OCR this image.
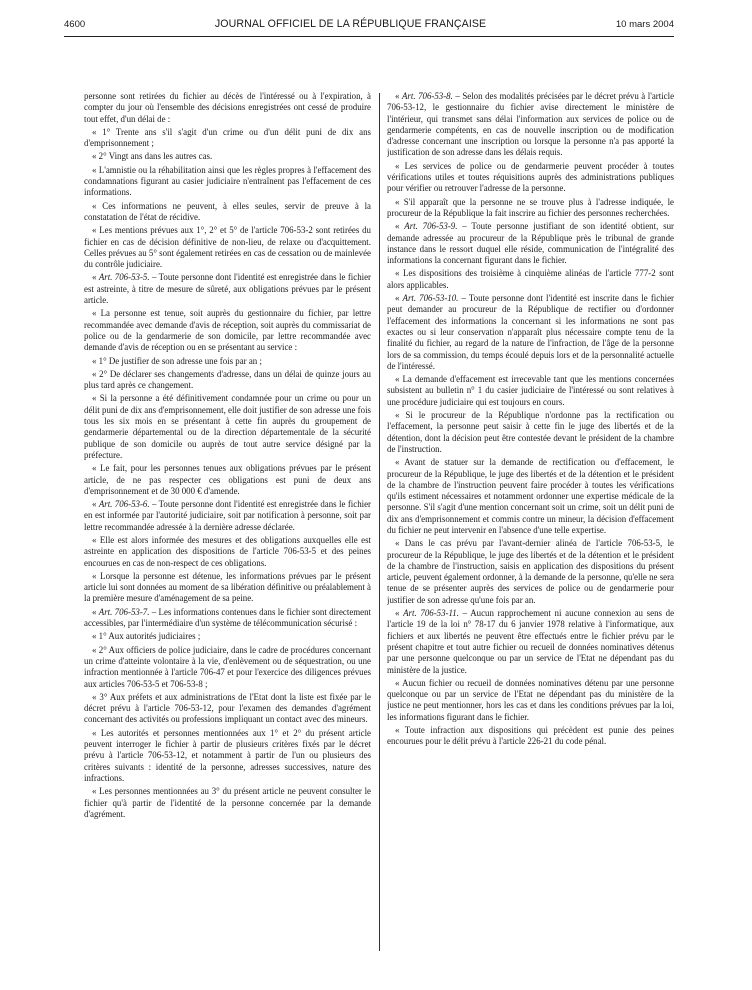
4600	JOURNAL OFFICIEL DE LA RÉPUBLIQUE FRANÇAISE	10 mars 2004

personne sont retirées du fichier au décès de l'intéressé ou à l'expiration, à compter du jour où l'ensemble des décisions enregistrées ont cessé de produire tout effet, d'un délai de :

« 1° Trente ans s'il s'agit d'un crime ou d'un délit puni de dix ans d'emprisonnement ;

« 2° Vingt ans dans les autres cas.

« L'amnistie ou la réhabilitation ainsi que les règles propres à l'effacement des condamnations figurant au casier judiciaire n'entraînent pas l'effacement de ces informations.

« Ces informations ne peuvent, à elles seules, servir de preuve à la constatation de l'état de récidive.

« Les mentions prévues aux 1°, 2° et 5° de l'article 706-53-2 sont retirées du fichier en cas de décision définitive de non-lieu, de relaxe ou d'acquittement. Celles prévues au 5° sont également retirées en cas de cessation ou de mainlevée du contrôle judiciaire.

« Art. 706-53-5. – Toute personne dont l'identité est enregistrée dans le fichier est astreinte, à titre de mesure de sûreté, aux obligations prévues par le présent article.

« La personne est tenue, soit auprès du gestionnaire du fichier, par lettre recommandée avec demande d'avis de réception, soit auprès du commissariat de police ou de la gendarmerie de son domicile, par lettre recommandée avec demande d'avis de réception ou en se présentant au service :

« 1° De justifier de son adresse une fois par an ;

« 2° De déclarer ses changements d'adresse, dans un délai de quinze jours au plus tard après ce changement.

« Si la personne a été définitivement condamnée pour un crime ou pour un délit puni de dix ans d'emprisonnement, elle doit justifier de son adresse une fois tous les six mois en se présentant à cette fin auprès du groupement de gendarmerie départemental ou de la direction départementale de la sécurité publique de son domicile ou auprès de tout autre service désigné par la préfecture.

« Le fait, pour les personnes tenues aux obligations prévues par le présent article, de ne pas respecter ces obligations est puni de deux ans d'emprisonnement et de 30 000 € d'amende.

« Art. 706-53-6. – Toute personne dont l'identité est enregistrée dans le fichier en est informée par l'autorité judiciaire, soit par notification à personne, soit par lettre recommandée adressée à la dernière adresse déclarée.

« Elle est alors informée des mesures et des obligations auxquelles elle est astreinte en application des dispositions de l'article 706-53-5 et des peines encourues en cas de non-respect de ces obligations.

« Lorsque la personne est détenue, les informations prévues par le présent article lui sont données au moment de sa libération définitive ou préalablement à la première mesure d'aménagement de sa peine.

« Art. 706-53-7. – Les informations contenues dans le fichier sont directement accessibles, par l'intermédiaire d'un système de télécommunication sécurisé :

« 1° Aux autorités judiciaires ;

« 2° Aux officiers de police judiciaire, dans le cadre de procédures concernant un crime d'atteinte volontaire à la vie, d'enlèvement ou de séquestration, ou une infraction mentionnée à l'article 706-47 et pour l'exercice des diligences prévues aux articles 706-53-5 et 706-53-8 ;

« 3° Aux préfets et aux administrations de l'Etat dont la liste est fixée par le décret prévu à l'article 706-53-12, pour l'examen des demandes d'agrément concernant des activités ou professions impliquant un contact avec des mineurs.

« Les autorités et personnes mentionnées aux 1° et 2° du présent article peuvent interroger le fichier à partir de plusieurs critères fixés par le décret prévu à l'article 706-53-12, et notamment à partir de l'un ou plusieurs des critères suivants : identité de la personne, adresses successives, nature des infractions.

« Les personnes mentionnées au 3° du présent article ne peuvent consulter le fichier qu'à partir de l'identité de la personne concernée par la demande d'agrément.

« Art. 706-53-8. – Selon des modalités précisées par le décret prévu à l'article 706-53-12, le gestionnaire du fichier avise directement le ministère de l'intérieur, qui transmet sans délai l'information aux services de police ou de gendarmerie compétents, en cas de nouvelle inscription ou de modification d'adresse concernant une inscription ou lorsque la personne n'a pas apporté la justification de son adresse dans les délais requis.

« Les services de police ou de gendarmerie peuvent procéder à toutes vérifications utiles et toutes réquisitions auprès des administrations publiques pour vérifier ou retrouver l'adresse de la personne.

« S'il apparaît que la personne ne se trouve plus à l'adresse indiquée, le procureur de la République la fait inscrire au fichier des personnes recherchées.

« Art. 706-53-9. – Toute personne justifiant de son identité obtient, sur demande adressée au procureur de la République près le tribunal de grande instance dans le ressort duquel elle réside, communication de l'intégralité des informations la concernant figurant dans le fichier.

« Les dispositions des troisième à cinquième alinéas de l'article 777-2 sont alors applicables.

« Art. 706-53-10. – Toute personne dont l'identité est inscrite dans le fichier peut demander au procureur de la République de rectifier ou d'ordonner l'effacement des informations la concernant si les informations ne sont pas exactes ou si leur conservation n'apparaît plus nécessaire compte tenu de la finalité du fichier, au regard de la nature de l'infraction, de l'âge de la personne lors de sa commission, du temps écoulé depuis lors et de la personnalité actuelle de l'intéressé.

« La demande d'effacement est irrecevable tant que les mentions concernées subsistent au bulletin n° 1 du casier judiciaire de l'intéressé ou sont relatives à une procédure judiciaire qui est toujours en cours.

« Si le procureur de la République n'ordonne pas la rectification ou l'effacement, la personne peut saisir à cette fin le juge des libertés et de la détention, dont la décision peut être contestée devant le président de la chambre de l'instruction.

« Avant de statuer sur la demande de rectification ou d'effacement, le procureur de la République, le juge des libertés et de la détention et le président de la chambre de l'instruction peuvent faire procéder à toutes les vérifications qu'ils estiment nécessaires et notamment ordonner une expertise médicale de la personne. S'il s'agit d'une mention concernant soit un crime, soit un délit puni de dix ans d'emprisonnement et commis contre un mineur, la décision d'effacement du fichier ne peut intervenir en l'absence d'une telle expertise.

« Dans le cas prévu par l'avant-dernier alinéa de l'article 706-53-5, le procureur de la République, le juge des libertés et de la détention et le président de la chambre de l'instruction, saisis en application des dispositions du présent article, peuvent également ordonner, à la demande de la personne, qu'elle ne sera tenue de se présenter auprès des services de police ou de gendarmerie pour justifier de son adresse qu'une fois par an.

« Art. 706-53-11. – Aucun rapprochement ni aucune connexion au sens de l'article 19 de la loi n° 78-17 du 6 janvier 1978 relative à l'informatique, aux fichiers et aux libertés ne peuvent être effectués entre le fichier prévu par le présent chapitre et tout autre fichier ou recueil de données nominatives détenus par une personne quelconque ou par un service de l'Etat ne dépendant pas du ministère de la justice.

« Aucun fichier ou recueil de données nominatives détenu par une personne quelconque ou par un service de l'Etat ne dépendant pas du ministère de la justice ne peut mentionner, hors les cas et dans les conditions prévues par la loi, les informations figurant dans le fichier.

« Toute infraction aux dispositions qui précèdent est punie des peines encourues pour le délit prévu à l'article 226-21 du code pénal.
